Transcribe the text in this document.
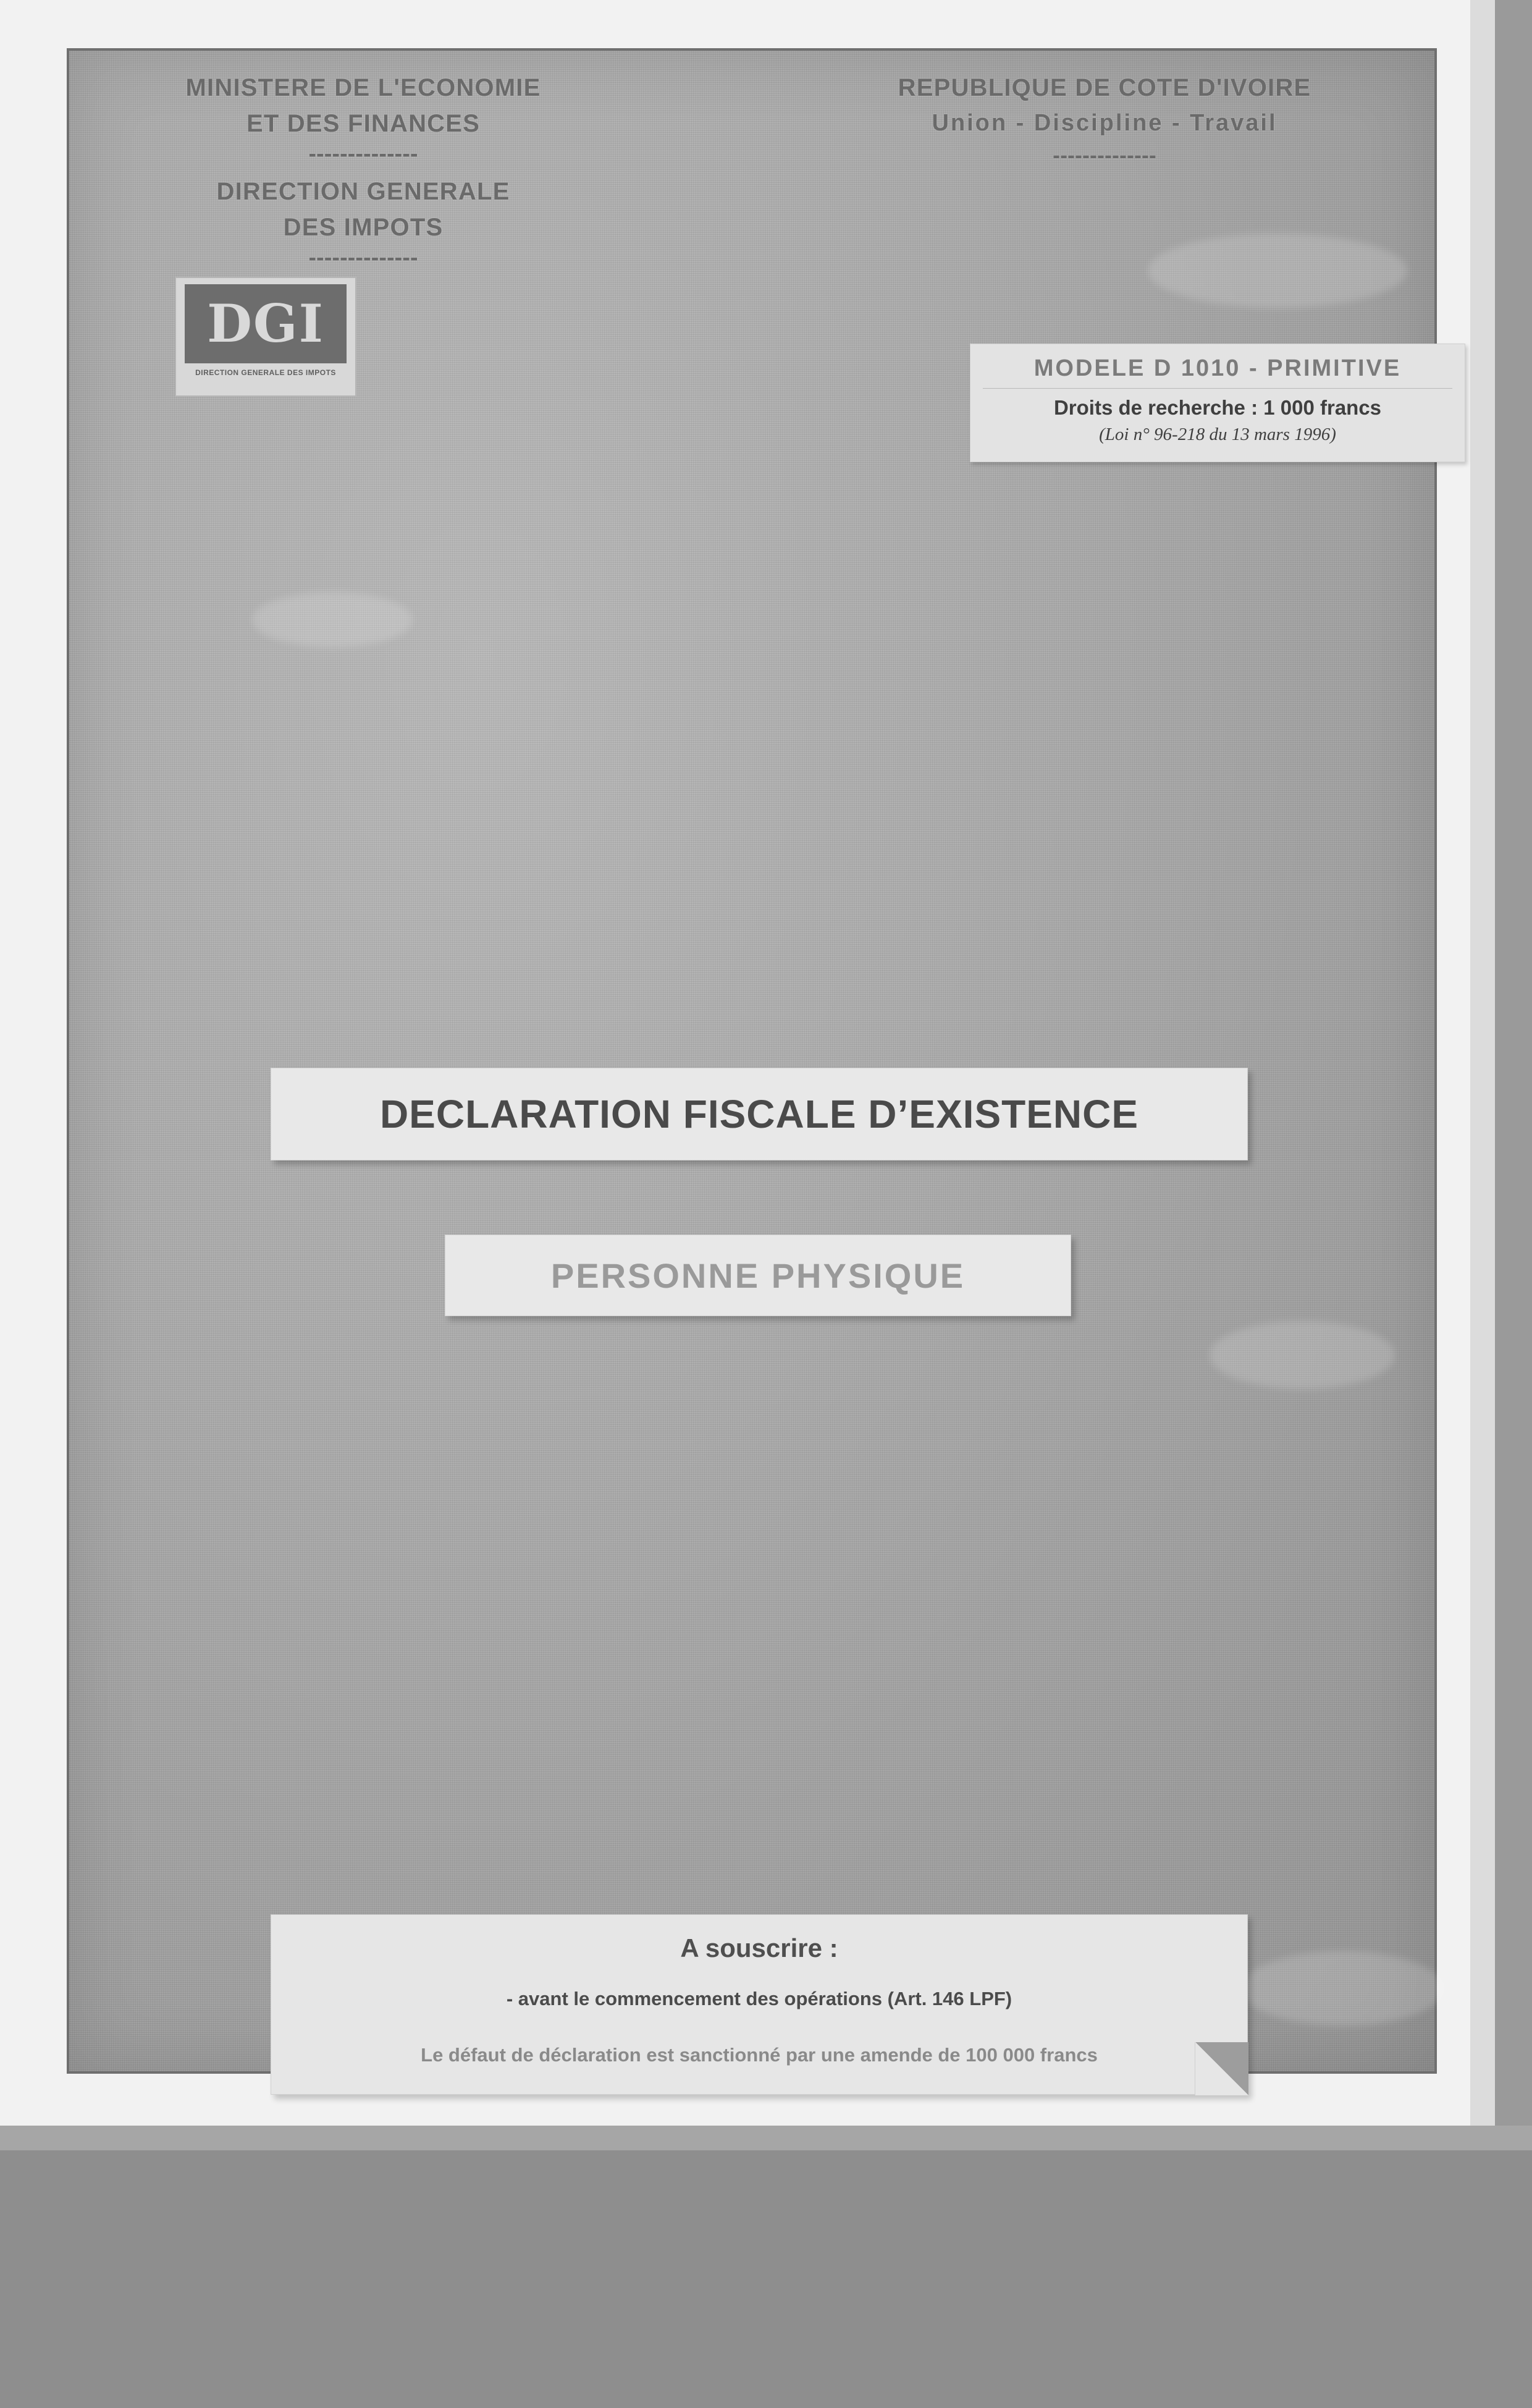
MINISTERE DE L'ECONOMIE
ET DES FINANCES
--------------
DIRECTION GENERALE
DES IMPOTS
--------------
REPUBLIQUE DE COTE D'IVOIRE
Union - Discipline - Travail
--------------
DGI
DIRECTION GENERALE DES IMPOTS	MODELE D 1010 - PRIMITIVE
Droits de recherche : 1 000 francs
(Loi n° 96-218 du 13 mars 1996)
DECLARATION FISCALE D’EXISTENCE
PERSONNE PHYSIQUE
A souscrire :
- avant le commencement des opérations (Art. 146 LPF)
Le défaut de déclaration est sanctionné par une amende de 100 000 francs
